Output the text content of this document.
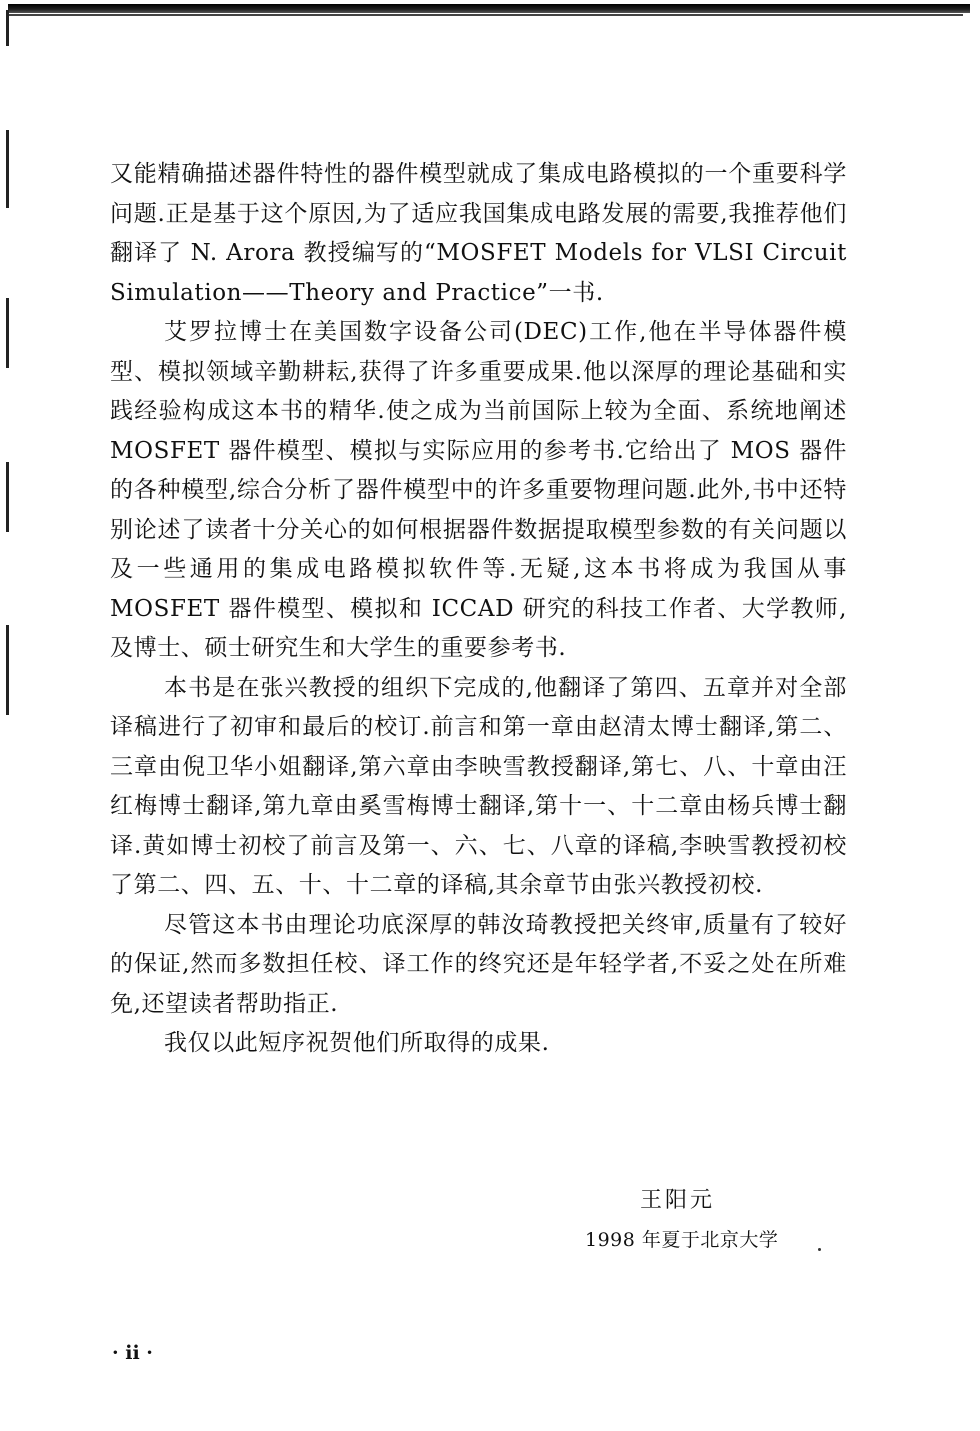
又能精确描述器件特性的器件模型就成了集成电路模拟的一个重要科学问题.正是基于这个原因,为了适应我国集成电路发展的需要,我推荐他们翻译了 N. Arora 教授编写的“MOSFET Models for VLSI Circuit Simulation——Theory and Practice”一书.

艾罗拉博士在美国数字设备公司(DEC)工作,他在半导体器件模型、模拟领域辛勤耕耘,获得了许多重要成果.他以深厚的理论基础和实践经验构成这本书的精华.使之成为当前国际上较为全面、系统地阐述 MOSFET 器件模型、模拟与实际应用的参考书.它给出了 MOS 器件的各种模型,综合分析了器件模型中的许多重要物理问题.此外,书中还特别论述了读者十分关心的如何根据器件数据提取模型参数的有关问题以及一些通用的集成电路模拟软件等.无疑,这本书将成为我国从事 MOSFET 器件模型、模拟和 ICCAD 研究的科技工作者、大学教师,及博士、硕士研究生和大学生的重要参考书.

本书是在张兴教授的组织下完成的,他翻译了第四、五章并对全部译稿进行了初审和最后的校订.前言和第一章由赵清太博士翻译,第二、三章由倪卫华小姐翻译,第六章由李映雪教授翻译,第七、八、十章由汪红梅博士翻译,第九章由奚雪梅博士翻译,第十一、十二章由杨兵博士翻译.黄如博士初校了前言及第一、六、七、八章的译稿,李映雪教授初校了第二、四、五、十、十二章的译稿,其余章节由张兴教授初校.

尽管这本书由理论功底深厚的韩汝琦教授把关终审,质量有了较好的保证,然而多数担任校、译工作的终究还是年轻学者,不妥之处在所难免,还望读者帮助指正.

我仅以此短序祝贺他们所取得的成果.

王阳元
1998 年夏于北京大学
· ii ·
